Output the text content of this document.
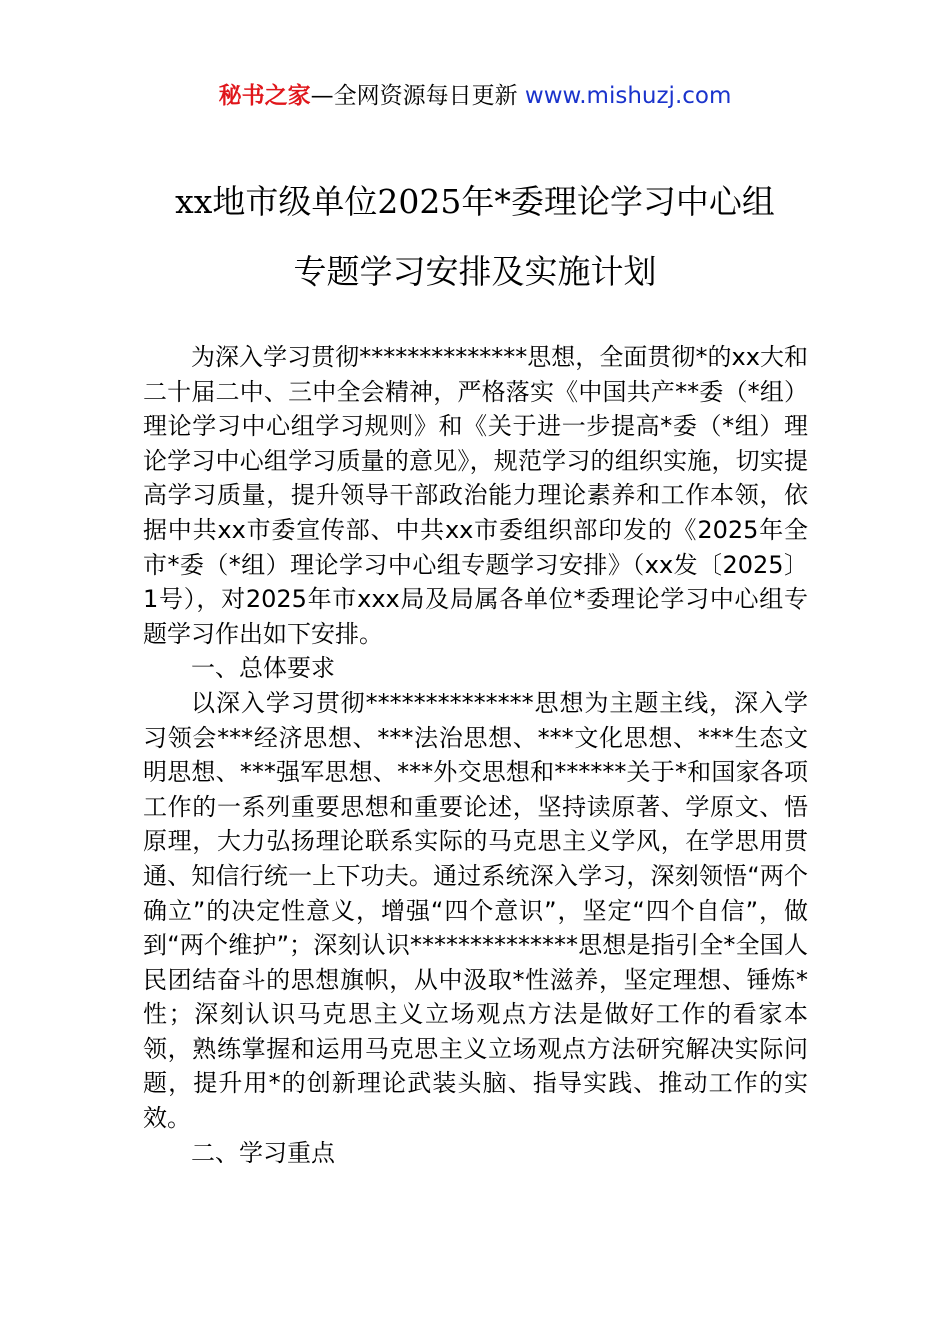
秘书之家—全网资源每日更新 www.mishuzj.com
xx地市级单位2025年*委理论学习中心组
专题学习安排及实施计划

为深入学习贯彻**************思想，全面贯彻*的xx大和二十届二中、三中全会精神，严格落实《中国共产**委（*组）理论学习中心组学习规则》和《关于进一步提高*委（*组）理论学习中心组学习质量的意见》，规范学习的组织实施，切实提高学习质量，提升领导干部政治能力理论素养和工作本领，依据中共xx市委宣传部、中共xx市委组织部印发的《2025年全市*委（*组）理论学习中心组专题学习安排》（xx发〔2025〕1号），对2025年市xxx局及局属各单位*委理论学习中心组专题学习作出如下安排。

一、总体要求

以深入学习贯彻**************思想为主题主线，深入学习领会***经济思想、***法治思想、***文化思想、***生态文明思想、***强军思想、***外交思想和******关于*和国家各项工作的一系列重要思想和重要论述，坚持读原著、学原文、悟原理，大力弘扬理论联系实际的马克思主义学风，在学思用贯通、知信行统一上下功夫。通过系统深入学习，深刻领悟“两个确立”的决定性意义，增强“四个意识”，坚定“四个自信”，做到“两个维护”；深刻认识**************思想是指引全*全国人民团结奋斗的思想旗帜，从中汲取*性滋养，坚定理想、锤炼*性；深刻认识马克思主义立场观点方法是做好工作的看家本领，熟练掌握和运用马克思主义立场观点方法研究解决实际问题，提升用*的创新理论武装头脑、指导实践、推动工作的实效。

二、学习重点
